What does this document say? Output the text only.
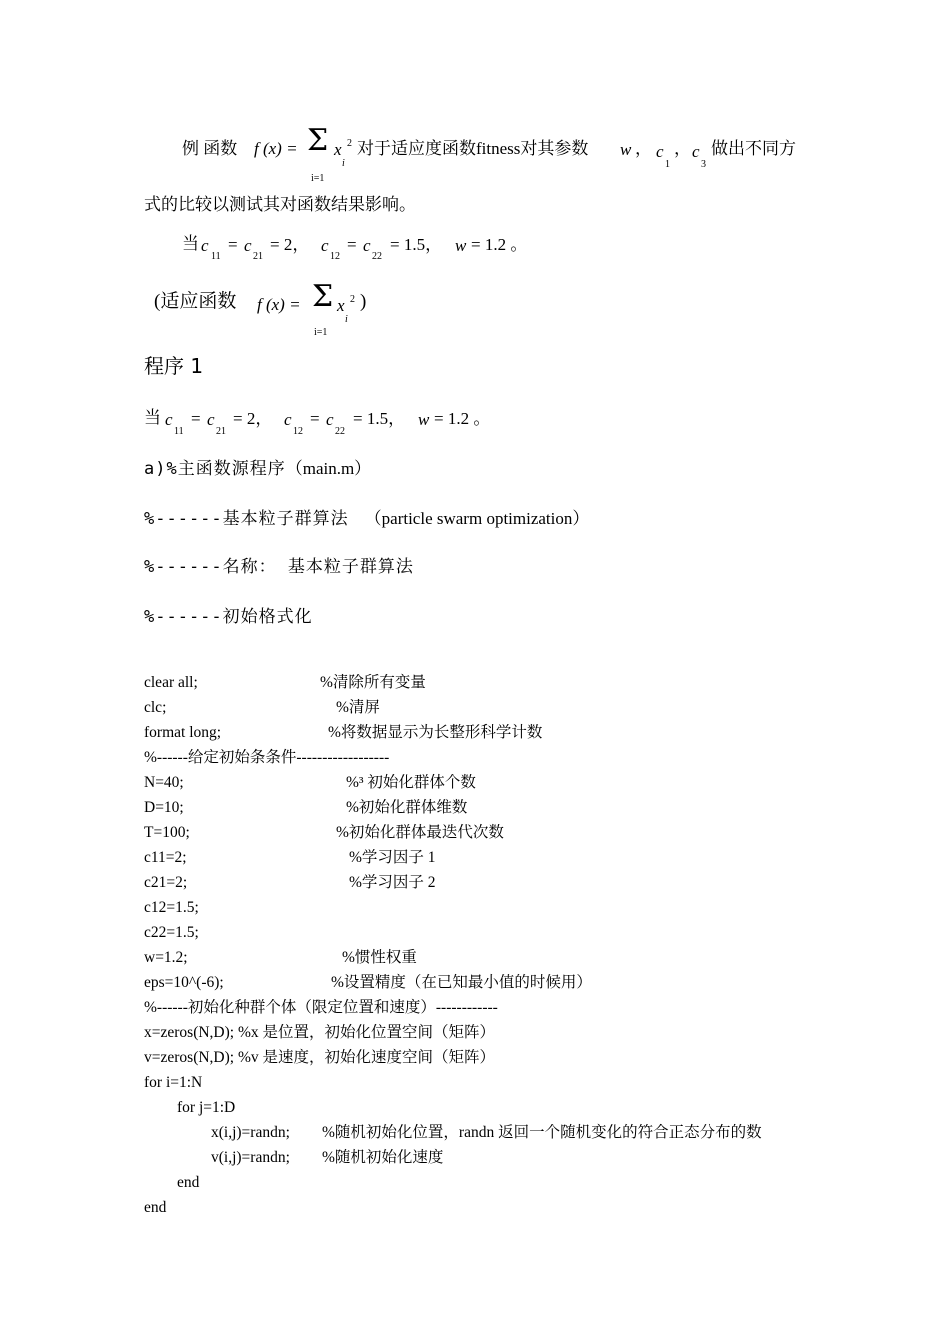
例 函数 f (x) = Σ x 2
i
i=1
对于适应度函数fitness对其参数 w ， c
1
， c
3
做出不同方
式的比较以测试其对函数结果影响。
当 c
11
= c
21
= 2， c
12
= c
22
= 1.5， w = 1.2 。
(适应函数 f (x) = Σ x 2
i
i=1
)
程序 1
当 c
11
= c
21
= 2， c
12
= c
22
= 1.5， w = 1.2 。
a)%主函数源程序（main.m）
%------基本粒子群算法 （particle swarm optimization）
%------名称： 基本粒子群算法
%------初始格式化
clear all;	%清除所有变量
clc;	%清屏
format long;	%将数据显示为长整形科学计数
%------给定初始条条件------------------
N=40;	%³ 初始化群体个数
D=10;	%初始化群体维数
T=100;	%初始化群体最迭代次数
c11=2;	%学习因子 1
c21=2;	%学习因子 2
c12=1.5;
c22=1.5;
w=1.2;	%惯性权重
eps=10^(-6);	%设置精度（在已知最小值的时候用）
%------初始化种群个体（限定位置和速度）------------
x=zeros(N,D); %x 是位置，初始化位置空间（矩阵）
v=zeros(N,D); %v 是速度，初始化速度空间（矩阵）
for i=1:N
for j=1:D
x(i,j)=randn; %随机初始化位置，randn 返回一个随机变化的符合正态分布的数
v(i,j)=randn; %随机初始化速度
end
end
